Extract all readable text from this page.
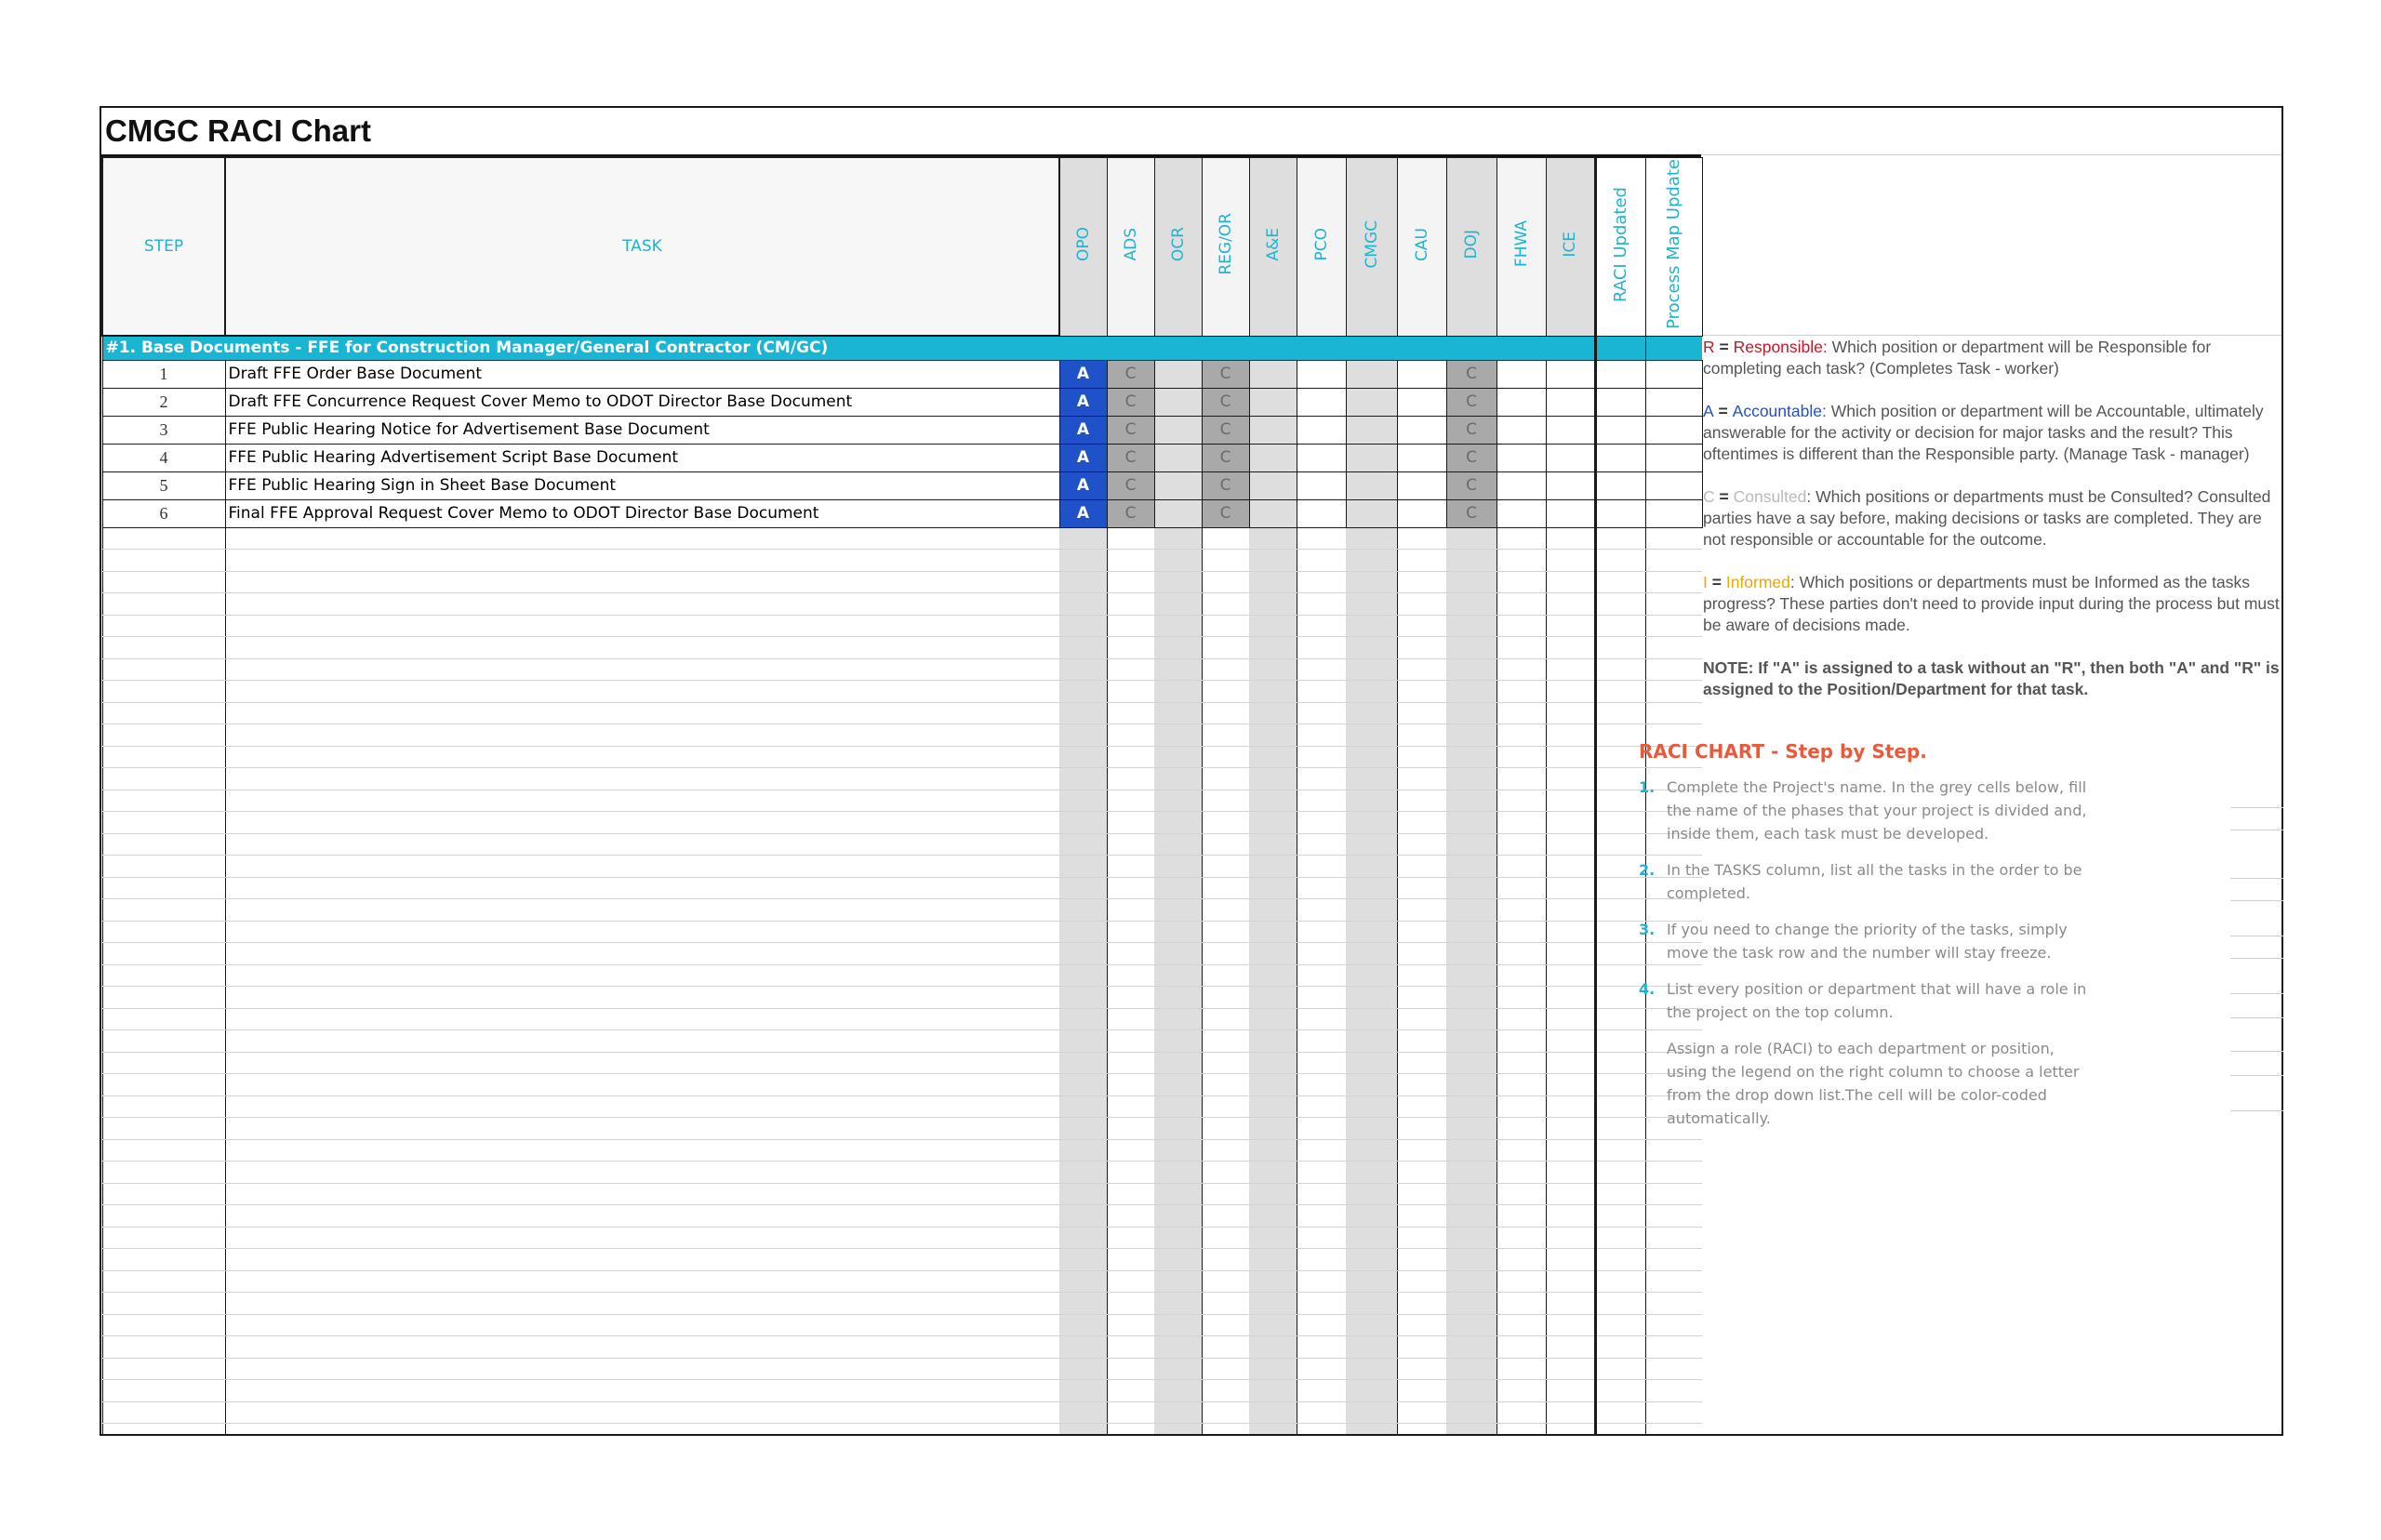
CMGC RACI Chart
STEP	TASK	OPO	ADS	OCR	REG/OR	A&E	PCO	CMGC	CAU	DOJ	FHWA	ICE	RACI Updated	Process Map Update
#1. Base Documents - FFE for Construction Manager/General Contractor (CM/GC)														
1	Draft FFE Order Base Document	A	C		C					C				
2	Draft FFE Concurrence Request Cover Memo to ODOT Director Base Document	A	C		C					C				
3	FFE Public Hearing Notice for Advertisement Base Document	A	C		C					C				
4	FFE Public Hearing Advertisement Script Base Document	A	C		C					C				
5	FFE Public Hearing Sign in Sheet Base Document	A	C		C					C				
6	Final FFE Approval Request Cover Memo to ODOT Director Base Document	A	C		C					C				

R = Responsible: Which position or department will be Responsible for completing each task? (Completes Task - worker)
A = Accountable: Which position or department will be Accountable, ultimately answerable for the activity or decision for major tasks and the result? This oftentimes is different than the Responsible party. (Manage Task - manager)
C = Consulted: Which positions or departments must be Consulted? Consulted parties have a say before, making decisions or tasks are completed. They are not responsible or accountable for the outcome.
I = Informed: Which positions or departments must be Informed as the tasks progress? These parties don't need to provide input during the process but must be aware of decisions made.
NOTE: If "A" is assigned to a task without an "R", then both "A" and "R" is assigned to the Position/Department for that task.
RACI CHART - Step by Step.
1. Complete the Project's name. In the grey cells below, fill the name of the phases that your project is divided and, inside them, each task must be developed.
2. In the TASKS column, list all the tasks in the order to be completed.
3. If you need to change the priority of the tasks, simply move the task row and the number will stay freeze.
4. List every position or department that will have a role in the project on the top column.
Assign a role (RACI) to each department or position, using the legend on the right column to choose a letter from the drop down list.The cell will be color-coded automatically.
